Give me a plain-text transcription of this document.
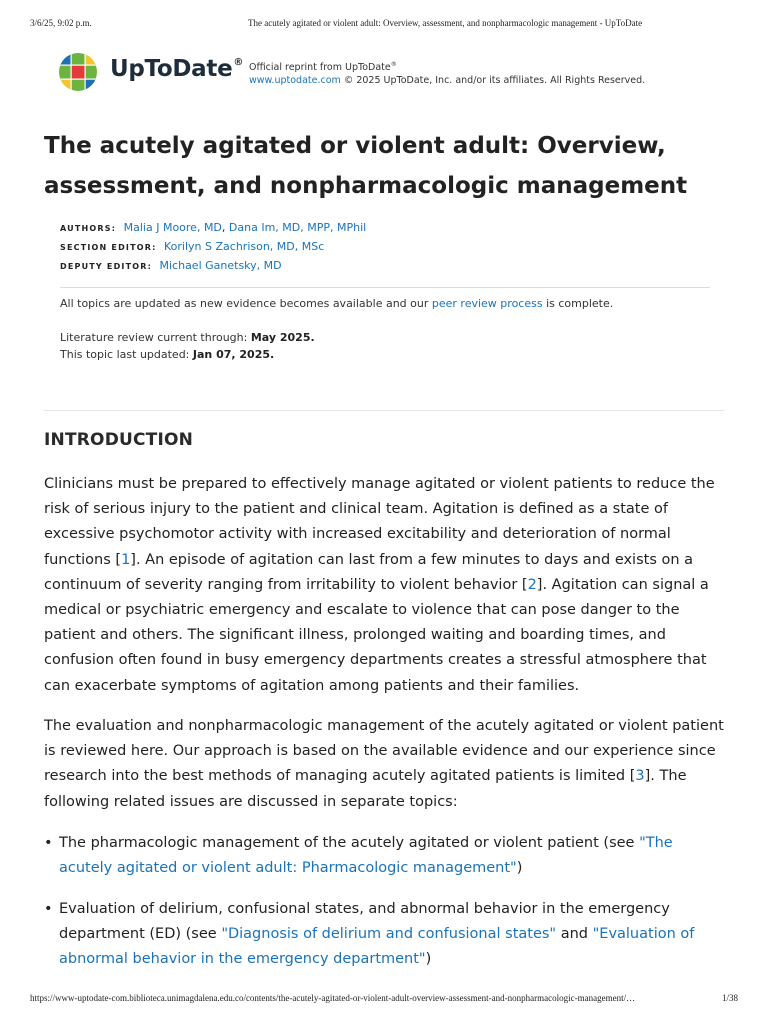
3/6/25, 9:02 p.m.	The acutely agitated or violent adult: Overview, assessment, and nonpharmacologic management - UpToDate
UpToDate® Official reprint from UpToDate®
www.uptodate.com © 2025 UpToDate, Inc. and/or its affiliates. All Rights Reserved.
The acutely agitated or violent adult: Overview, assessment, and nonpharmacologic management
AUTHORS: Malia J Moore, MD, Dana Im, MD, MPP, MPhil
SECTION EDITOR: Korilyn S Zachrison, MD, MSc
DEPUTY EDITOR: Michael Ganetsky, MD
All topics are updated as new evidence becomes available and our peer review process is complete.
Literature review current through: May 2025.
This topic last updated: Jan 07, 2025.
INTRODUCTION

Clinicians must be prepared to effectively manage agitated or violent patients to reduce the risk of serious injury to the patient and clinical team. Agitation is defined as a state of excessive psychomotor activity with increased excitability and deterioration of normal functions [1]. An episode of agitation can last from a few minutes to days and exists on a continuum of severity ranging from irritability to violent behavior [2]. Agitation can signal a medical or psychiatric emergency and escalate to violence that can pose danger to the patient and others. The significant illness, prolonged waiting and boarding times, and confusion often found in busy emergency departments creates a stressful atmosphere that can exacerbate symptoms of agitation among patients and their families.

The evaluation and nonpharmacologic management of the acutely agitated or violent patient is reviewed here. Our approach is based on the available evidence and our experience since research into the best methods of managing acutely agitated patients is limited [3]. The following related issues are discussed in separate topics:

• The pharmacologic management of the acutely agitated or violent patient (see "The acutely agitated or violent adult: Pharmacologic management")
• Evaluation of delirium, confusional states, and abnormal behavior in the emergency department (ED) (see "Diagnosis of delirium and confusional states" and "Evaluation of abnormal behavior in the emergency department")
https://www-uptodate-com.biblioteca.unimagdalena.edu.co/contents/the-acutely-agitated-or-violent-adult-overview-assessment-and-nonpharmacologic-management/…	1/38
